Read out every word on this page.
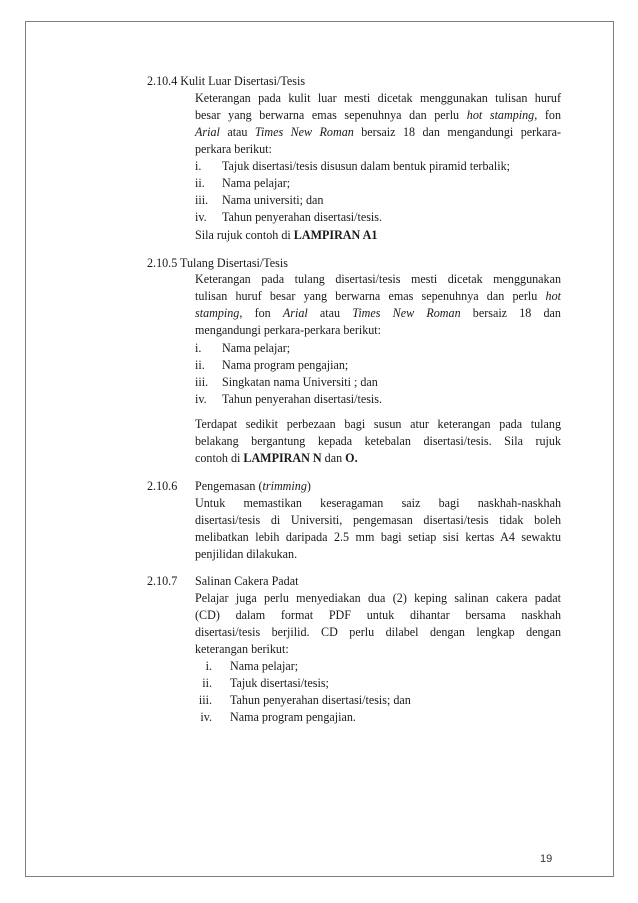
2.10.4 Kulit Luar Disertasi/Tesis
Keterangan pada kulit luar mesti dicetak menggunakan tulisan huruf
besar yang berwarna emas sepenuhnya dan perlu hot stamping, fon
Arial atau Times New Roman bersaiz 18 dan mengandungi perkara-
perkara berikut:
i. Tajuk disertasi/tesis disusun dalam bentuk piramid terbalik;
ii. Nama pelajar;
iii. Nama universiti; dan
iv. Tahun penyerahan disertasi/tesis.
Sila rujuk contoh di LAMPIRAN A1
2.10.5 Tulang Disertasi/Tesis
Keterangan pada tulang disertasi/tesis mesti dicetak menggunakan
tulisan huruf besar yang berwarna emas sepenuhnya dan perlu hot
stamping, fon Arial atau Times New Roman bersaiz 18 dan
mengandungi perkara-perkara berikut:
i. Nama pelajar;
ii. Nama program pengajian;
iii. Singkatan nama Universiti ; dan
iv. Tahun penyerahan disertasi/tesis.
Terdapat sedikit perbezaan bagi susun atur keterangan pada tulang
belakang bergantung kepada ketebalan disertasi/tesis. Sila rujuk
contoh di LAMPIRAN N dan O.
2.10.6 Pengemasan (trimming)
Untuk memastikan keseragaman saiz bagi naskhah-naskhah
disertasi/tesis di Universiti, pengemasan disertasi/tesis tidak boleh
melibatkan lebih daripada 2.5 mm bagi setiap sisi kertas A4 sewaktu
penjilidan dilakukan.
2.10.7 Salinan Cakera Padat
Pelajar juga perlu menyediakan dua (2) keping salinan cakera padat
(CD) dalam format PDF untuk dihantar bersama naskhah
disertasi/tesis berjilid. CD perlu dilabel dengan lengkap dengan
keterangan berikut:
i. Nama pelajar;
ii. Tajuk disertasi/tesis;
iii. Tahun penyerahan disertasi/tesis; dan
iv. Nama program pengajian.
19
